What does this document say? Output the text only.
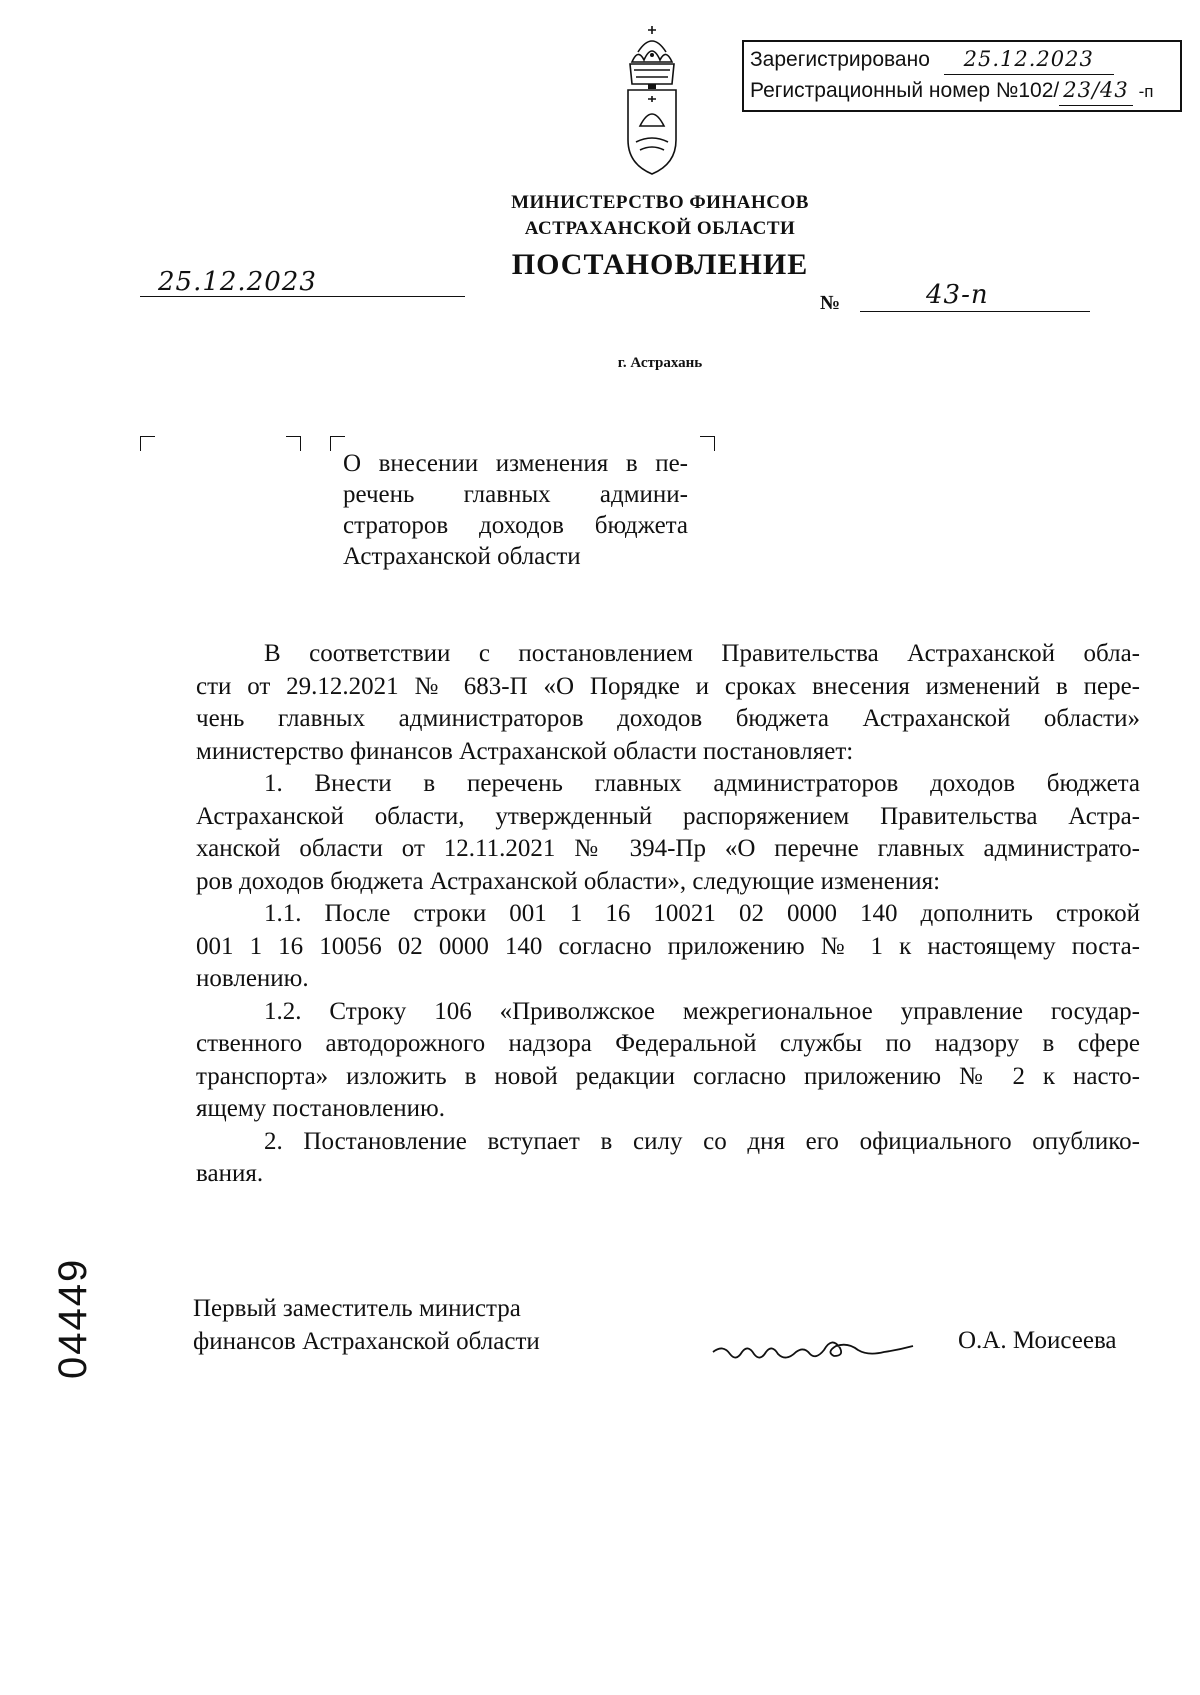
Зарегистрировано 25.12.2023
Регистрационный номер №102/ 23/43 -п
МИНИСТЕРСТВО ФИНАНСОВ
АСТРАХАНСКОЙ ОБЛАСТИ
ПОСТАНОВЛЕНИЕ
25.12.2023
№	43-п
г. Астрахань
О внесении изменения в пе-
речень главных админи-
страторов доходов бюджета
Астраханской области
В соответствии с постановлением Правительства Астраханской обла-
сти от 29.12.2021 № 683-П «О Порядке и сроках внесения изменений в пере-
чень главных администраторов доходов бюджета Астраханской области»
министерство финансов Астраханской области постановляет:
1. Внести в перечень главных администраторов доходов бюджета
Астраханской области, утвержденный распоряжением Правительства Астра-
ханской области от 12.11.2021 № 394-Пр «О перечне главных администрато-
ров доходов бюджета Астраханской области», следующие изменения:
1.1. После строки 001 1 16 10021 02 0000 140 дополнить строкой
001 1 16 10056 02 0000 140 согласно приложению № 1 к настоящему поста-
новлению.
1.2. Строку 106 «Приволжское межрегиональное управление государ-
ственного автодорожного надзора Федеральной службы по надзору в сфере
транспорта» изложить в новой редакции согласно приложению № 2 к насто-
ящему постановлению.
2. Постановление вступает в силу со дня его официального опублико-
вания.
Первый заместитель министра
финансов Астраханской области	О.А. Моисеева
04449
